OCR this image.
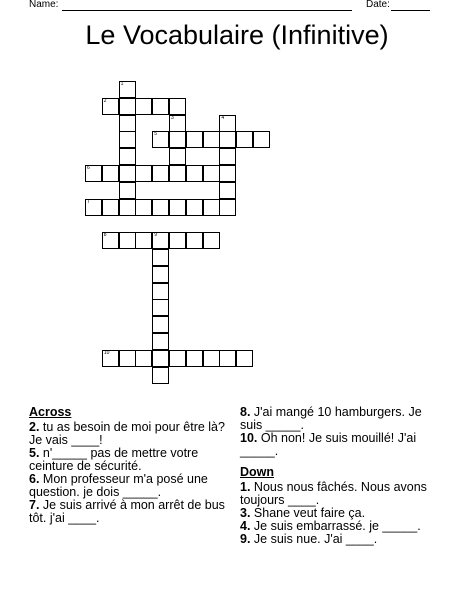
Name:	Date:
Le Vocabulaire (Infinitive)
1
2
3	4
5
6
7
8	9
10
Across
2. tu as besoin de moi pour être là? Je vais ____!
5. n'_____ pas de mettre votre ceinture de sécurité.
6. Mon professeur m'a posé une question. je dois _____.
7. Je suis arrivé à mon arrêt de bus tôt. j'ai ____.
8. J'ai mangé 10 hamburgers. Je suis _____.
10. Oh non! Je suis mouillé! J'ai _____.
Down
1. Nous nous fâchés. Nous avons toujours ____.
3. Shane veut faire ça.
4. Je suis embarrassé. je _____.
9. Je suis nue. J'ai ____.
